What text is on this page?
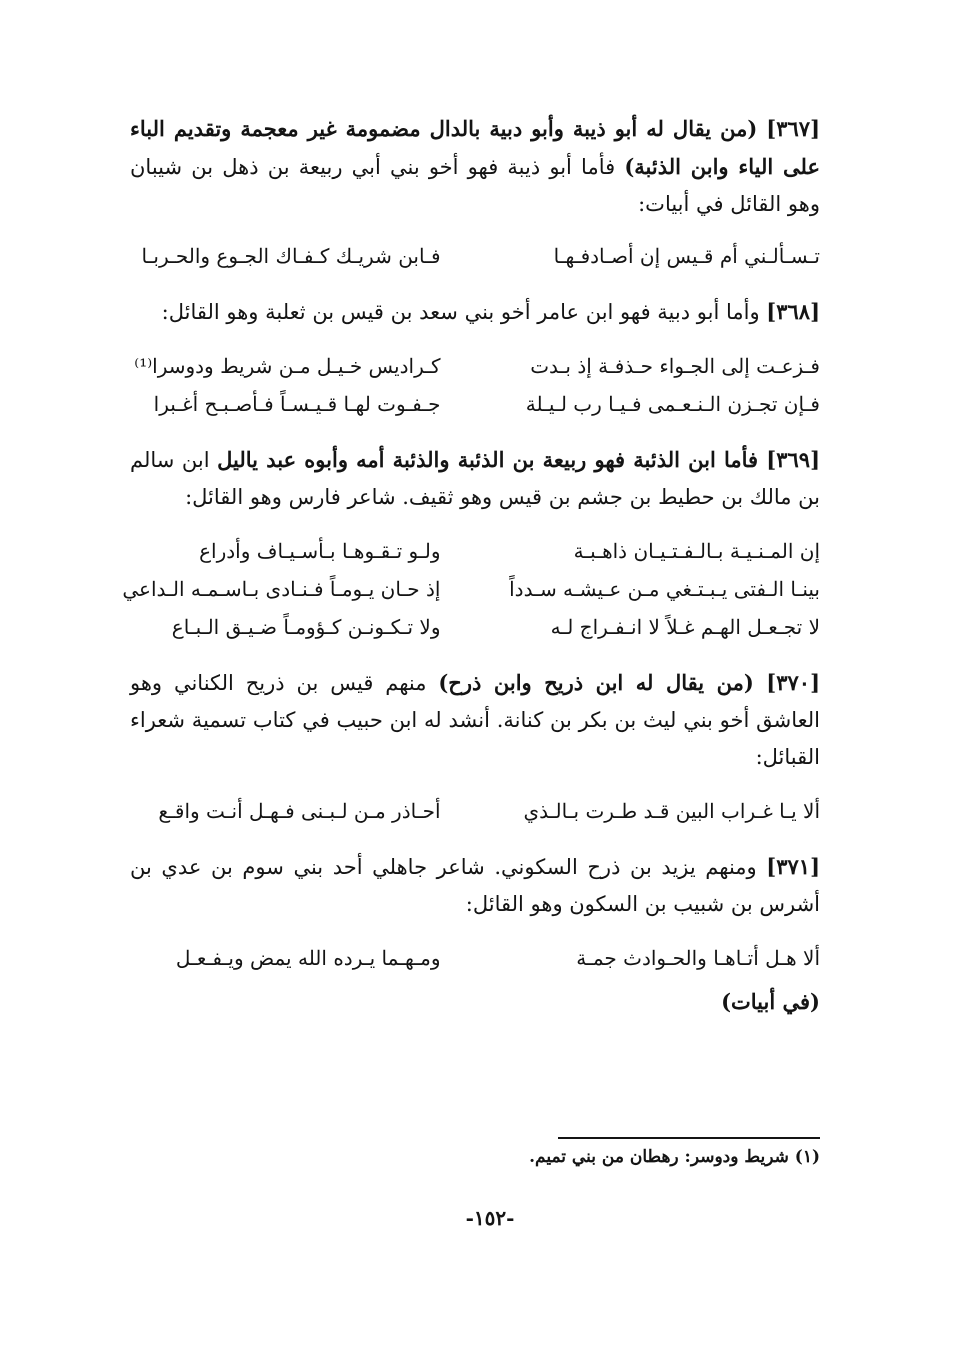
[٣٦٧] (من يقال له أبو ذيبة وأبو دبية بالدال مضمومة غير معجمة وتقديم الباء على الياء وابن الذئبة) فأما أبو ذيبة فهو أخو بني أبي ربيعة بن ذهل بن شيبان وهو القائل في أبيات:

تـسـألـني أم قـيس إن أصـادفـهـا
فـابن شريـك كـفـاك الجـوع والحـربـا

[٣٦٨] وأما أبو دبية فهو ابن عامر أخو بني سعد بن قيس بن ثعلبة وهو القائل:

فـزعـت إلى الجـواء حـذفـة إذ بـدت
كـراديس خـيـل مـن شريط ودوسرا⁽¹⁾
فـإن تجـزن الـنـعـمى فـيـا رب لـيـلة
جـفـوت لهـا قـيـسـاً فـأصـبـح أغـبرا

[٣٦٩] فأما ابن الذئبة فهو ربيعة بن الذئبة والذئبة أمه وأبوه عبد ياليل ابن سالم بن مالك بن حطيط بن جشم بن قيس وهو ثقيف. شاعر فارس وهو القائل:

إن المـنـيـة بـالـفـتـيـان ذاهـبـة
ولـو تـقـوهـا بـأسـيـاف وأدراع
بينـا الـفتى يـبـتـغي مـن عـيشـه سـدداً
إذ حـان يـومـاً فـنـادى بـاسـمـه الـداعي
لا تجـعـل الهـم غـلاً لا انـفـراج لـه
ولا تـكـونـن كـؤومـاً ضـيـق الـبـاع

[٣٧٠] (من يقال له ابن ذريح وابن ذرح) منهم قيس بن ذريح الكناني وهو العاشق أخو بني ليث بن بكر بن كنانة. أنشد له ابن حبيب في كتاب تسمية شعراء القبائل:

ألا يـا غـراب البين قـد طـرت بـالـذي
أحـاذر مـن لـبـنى فـهـل أنـت واقـع

[٣٧١] ومنهم يزيد بن ذرح السكوني. شاعر جاهلي أحد بني سوم بن عدي بن أشرس بن شبيب بن السكون وهو القائل:

ألا هـل أتـاهـا والحـوادث جمـة
ومـهـما يـرده الله يمض ويـفـعـل
(في أبيات)
(١) شريط ودوسر: رهطان من بني تميم.
-١٥٢-
